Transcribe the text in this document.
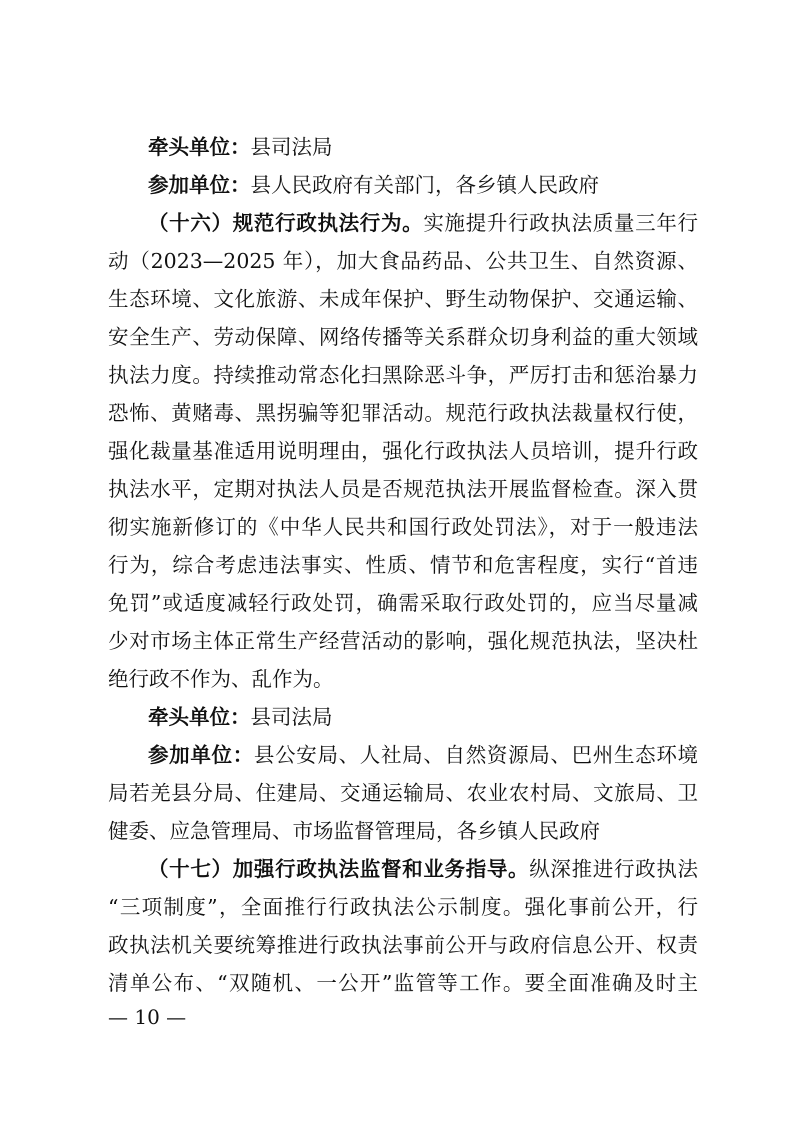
牵头单位：县司法局
参加单位：县人民政府有关部门，各乡镇人民政府
（十六）规范行政执法行为。实施提升行政执法质量三年行
动（2023—2025 年），加大食品药品、公共卫生、自然资源、
生态环境、文化旅游、未成年保护、野生动物保护、交通运输、
安全生产、劳动保障、网络传播等关系群众切身利益的重大领域
执法力度。持续推动常态化扫黑除恶斗争，严厉打击和惩治暴力
恐怖、黄赌毒、黑拐骗等犯罪活动。规范行政执法裁量权行使，
强化裁量基准适用说明理由，强化行政执法人员培训，提升行政
执法水平，定期对执法人员是否规范执法开展监督检查。深入贯
彻实施新修订的《中华人民共和国行政处罚法》，对于一般违法
行为，综合考虑违法事实、性质、情节和危害程度，实行“首违
免罚”或适度减轻行政处罚，确需采取行政处罚的，应当尽量减
少对市场主体正常生产经营活动的影响，强化规范执法，坚决杜
绝行政不作为、乱作为。
牵头单位：县司法局
参加单位：县公安局、人社局、自然资源局、巴州生态环境
局若羌县分局、住建局、交通运输局、农业农村局、文旅局、卫
健委、应急管理局、市场监督管理局，各乡镇人民政府
（十七）加强行政执法监督和业务指导。纵深推进行政执法
“三项制度”，全面推行行政执法公示制度。强化事前公开，行
政执法机关要统筹推进行政执法事前公开与政府信息公开、权责
清单公布、“双随机、一公开”监管等工作。要全面准确及时主
— 10 —
